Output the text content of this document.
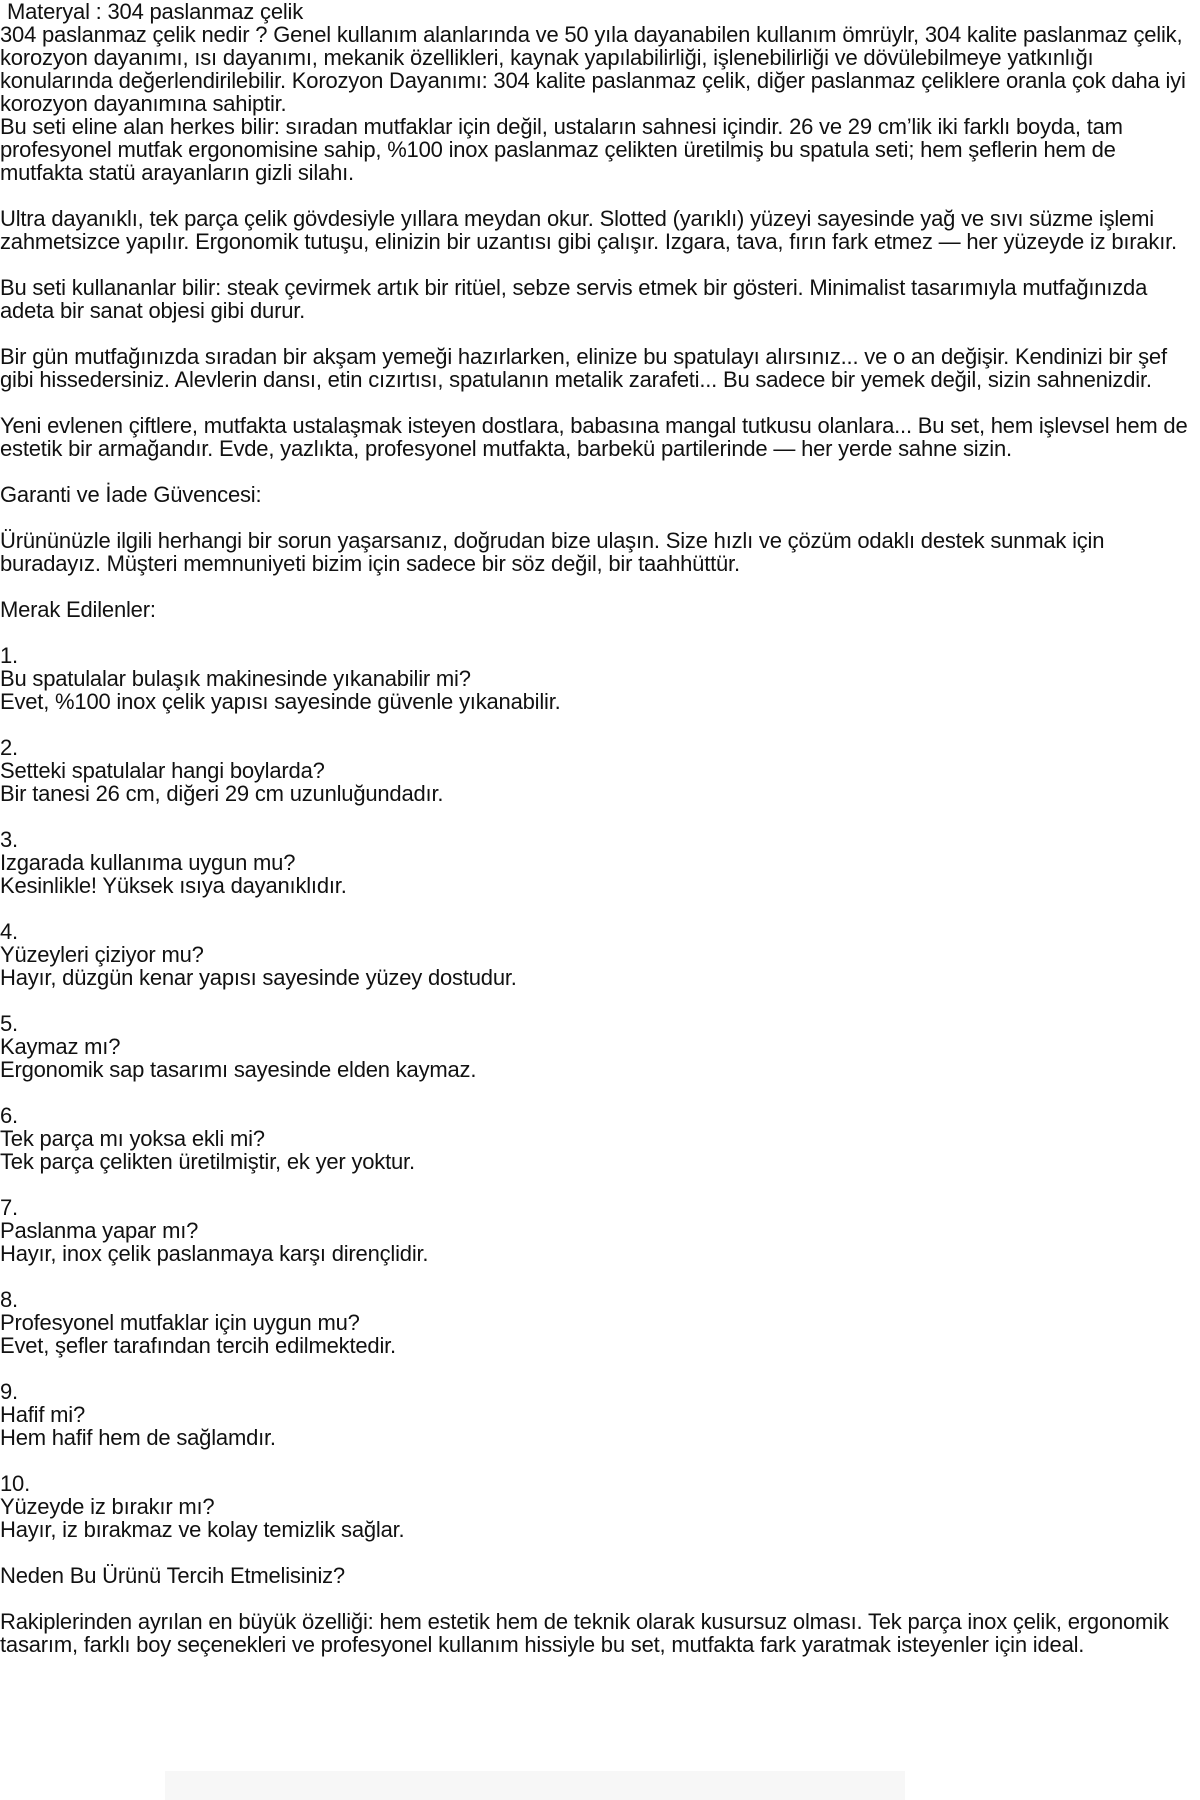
Materyal : 304 paslanmaz çelik
304 paslanmaz çelik nedir ? Genel kullanım alanlarında ve 50 yıla dayanabilen kullanım ömrüylr, 304 kalite paslanmaz çelik, korozyon dayanımı, ısı dayanımı, mekanik özellikleri, kaynak yapılabilirliği, işlenebilirliği ve dövülebilmeye yatkınlığı konularında değerlendirilebilir. Korozyon Dayanımı: 304 kalite paslanmaz çelik, diğer paslanmaz çeliklere oranla çok daha iyi korozyon dayanımına sahiptir.
Bu seti eline alan herkes bilir: sıradan mutfaklar için değil, ustaların sahnesi içindir. 26 ve 29 cm’lik iki farklı boyda, tam profesyonel mutfak ergonomisine sahip, %100 inox paslanmaz çelikten üretilmiş bu spatula seti; hem şeflerin hem de mutfakta statü arayanların gizli silahı.
Ultra dayanıklı, tek parça çelik gövdesiyle yıllara meydan okur. Slotted (yarıklı) yüzeyi sayesinde yağ ve sıvı süzme işlemi zahmetsizce yapılır. Ergonomik tutuşu, elinizin bir uzantısı gibi çalışır. Izgara, tava, fırın fark etmez — her yüzeyde iz bırakır.
Bu seti kullananlar bilir: steak çevirmek artık bir ritüel, sebze servis etmek bir gösteri. Minimalist tasarımıyla mutfağınızda adeta bir sanat objesi gibi durur.
Bir gün mutfağınızda sıradan bir akşam yemeği hazırlarken, elinize bu spatulayı alırsınız... ve o an değişir. Kendinizi bir şef gibi hissedersiniz. Alevlerin dansı, etin cızırtısı, spatulanın metalik zarafeti... Bu sadece bir yemek değil, sizin sahnenizdir.
Yeni evlenen çiftlere, mutfakta ustalaşmak isteyen dostlara, babasına mangal tutkusu olanlara... Bu set, hem işlevsel hem de estetik bir armağandır. Evde, yazlıkta, profesyonel mutfakta, barbekü partilerinde — her yerde sahne sizin.
Garanti ve İade Güvencesi:
Ürününüzle ilgili herhangi bir sorun yaşarsanız, doğrudan bize ulaşın. Size hızlı ve çözüm odaklı destek sunmak için buradayız. Müşteri memnuniyeti bizim için sadece bir söz değil, bir taahhüttür.
Merak Edilenler:
1.
Bu spatulalar bulaşık makinesinde yıkanabilir mi?
Evet, %100 inox çelik yapısı sayesinde güvenle yıkanabilir.
2.
Setteki spatulalar hangi boylarda?
Bir tanesi 26 cm, diğeri 29 cm uzunluğundadır.
3.
Izgarada kullanıma uygun mu?
Kesinlikle! Yüksek ısıya dayanıklıdır.
4.
Yüzeyleri çiziyor mu?
Hayır, düzgün kenar yapısı sayesinde yüzey dostudur.
5.
Kaymaz mı?
Ergonomik sap tasarımı sayesinde elden kaymaz.
6.
Tek parça mı yoksa ekli mi?
Tek parça çelikten üretilmiştir, ek yer yoktur.
7.
Paslanma yapar mı?
Hayır, inox çelik paslanmaya karşı dirençlidir.
8.
Profesyonel mutfaklar için uygun mu?
Evet, şefler tarafından tercih edilmektedir.
9.
Hafif mi?
Hem hafif hem de sağlamdır.
10.
Yüzeyde iz bırakır mı?
Hayır, iz bırakmaz ve kolay temizlik sağlar.
Neden Bu Ürünü Tercih Etmelisiniz?
Rakiplerinden ayrılan en büyük özelliği: hem estetik hem de teknik olarak kusursuz olması. Tek parça inox çelik, ergonomik tasarım, farklı boy seçenekleri ve profesyonel kullanım hissiyle bu set, mutfakta fark yaratmak isteyenler için ideal.
